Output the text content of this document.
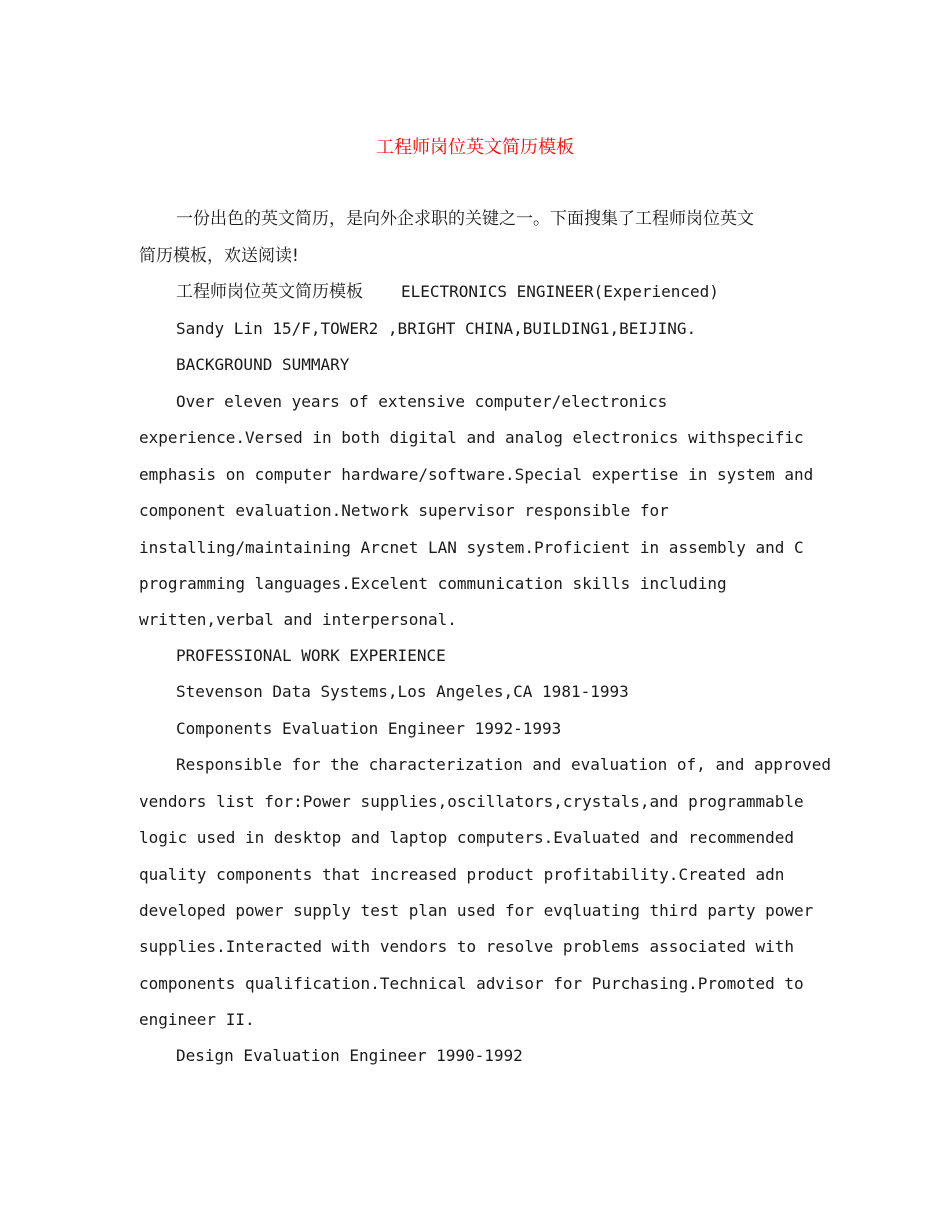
工程师岗位英文简历模板
一份出色的英文简历，是向外企求职的关键之一。下面搜集了工程师岗位英文
简历模板，欢送阅读!
工程师岗位英文简历模板 ELECTRONICS ENGINEER(Experienced)
Sandy Lin 15/F,TOWER2 ,BRIGHT CHINA,BUILDING1,BEIJING.
BACKGROUND SUMMARY
Over eleven years of extensive computer/electronics
experience.Versed in both digital and analog electronics withspecific
emphasis on computer hardware/software.Special expertise in system and
component evaluation.Network supervisor responsible for
installing/maintaining Arcnet LAN system.Proficient in assembly and C
programming languages.Excelent communication skills including
written,verbal and interpersonal.
PROFESSIONAL WORK EXPERIENCE
Stevenson Data Systems,Los Angeles,CA 1981-1993
Components Evaluation Engineer 1992-1993
Responsible for the characterization and evaluation of, and approved
vendors list for:Power supplies,oscillators,crystals,and programmable
logic used in desktop and laptop computers.Evaluated and recommended
quality components that increased product profitability.Created adn
developed power supply test plan used for evqluating third party power
supplies.Interacted with vendors to resolve problems associated with
components qualification.Technical advisor for Purchasing.Promoted to
engineer II.
Design Evaluation Engineer 1990-1992
